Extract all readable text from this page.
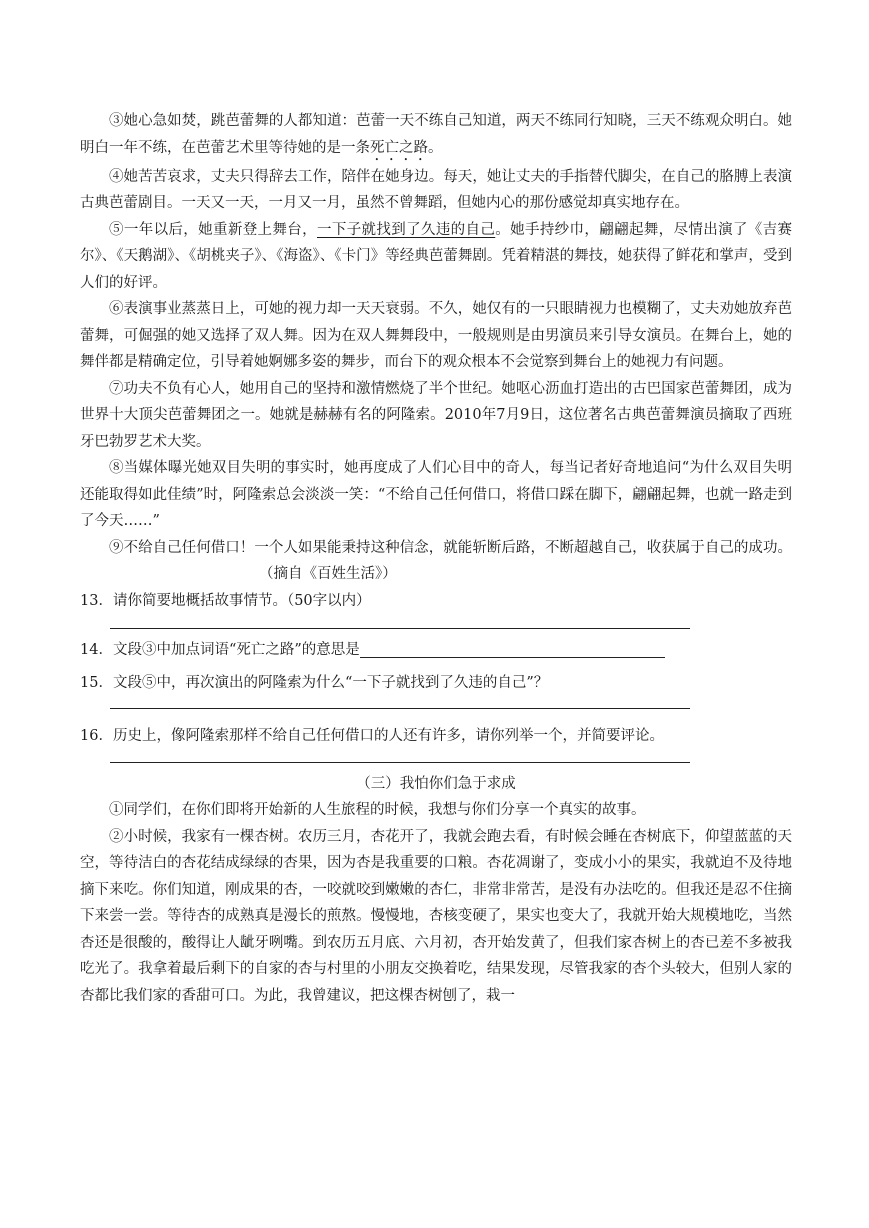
③她心急如焚，跳芭蕾舞的人都知道：芭蕾一天不练自己知道，两天不练同行知晓，三天不练观众明白。她明白一年不练，在芭蕾艺术里等待她的是一条死亡之路。

④她苦苦哀求，丈夫只得辞去工作，陪伴在她身边。每天，她让丈夫的手指替代脚尖，在自己的胳膊上表演古典芭蕾剧目。一天又一天，一月又一月，虽然不曾舞蹈，但她内心的那份感觉却真实地存在。

⑤一年以后，她重新登上舞台，一下子就找到了久违的自己。她手持纱巾，翩翩起舞，尽情出演了《吉赛尔》、《天鹅湖》、《胡桃夹子》、《海盗》、《卡门》等经典芭蕾舞剧。凭着精湛的舞技，她获得了鲜花和掌声，受到人们的好评。

⑥表演事业蒸蒸日上，可她的视力却一天天衰弱。不久，她仅有的一只眼睛视力也模糊了，丈夫劝她放弃芭蕾舞，可倔强的她又选择了双人舞。因为在双人舞舞段中，一般规则是由男演员来引导女演员。在舞台上，她的舞伴都是精确定位，引导着她婀娜多姿的舞步，而台下的观众根本不会觉察到舞台上的她视力有问题。

⑦功夫不负有心人，她用自己的坚持和激情燃烧了半个世纪。她呕心沥血打造出的古巴国家芭蕾舞团，成为世界十大顶尖芭蕾舞团之一。她就是赫赫有名的阿隆索。2010年7月9日，这位著名古典芭蕾舞演员摘取了西班牙巴勃罗艺术大奖。

⑧当媒体曝光她双目失明的事实时，她再度成了人们心目中的奇人，每当记者好奇地追问“为什么双目失明还能取得如此佳绩”时，阿隆索总会淡淡一笑：“不给自己任何借口，将借口踩在脚下，翩翩起舞，也就一路走到了今天……”

⑨不给自己任何借口！一个人如果能秉持这种信念，就能斩断后路，不断超越自己，收获属于自己的成功。（摘自《百姓生活》）

13．请你简要地概括故事情节。（50字以内）

14．文段③中加点词语“死亡之路”的意思是

15．文段⑤中，再次演出的阿隆索为什么“一下子就找到了久违的自己”？

16．历史上，像阿隆索那样不给自己任何借口的人还有许多，请你列举一个，并简要评论。

（三）我怕你们急于求成

①同学们，在你们即将开始新的人生旅程的时候，我想与你们分享一个真实的故事。

②小时候，我家有一棵杏树。农历三月，杏花开了，我就会跑去看，有时候会睡在杏树底下，仰望蓝蓝的天空，等待洁白的杏花结成绿绿的杏果，因为杏是我重要的口粮。杏花凋谢了，变成小小的果实，我就迫不及待地摘下来吃。你们知道，刚成果的杏，一咬就咬到嫩嫩的杏仁，非常非常苦，是没有办法吃的。但我还是忍不住摘下来尝一尝。等待杏的成熟真是漫长的煎熬。慢慢地，杏核变硬了，果实也变大了，我就开始大规模地吃，当然杏还是很酸的，酸得让人龇牙咧嘴。到农历五月底、六月初，杏开始发黄了，但我们家杏树上的杏已差不多被我吃光了。我拿着最后剩下的自家的杏与村里的小朋友交换着吃，结果发现，尽管我家的杏个头较大，但别人家的杏都比我们家的香甜可口。为此，我曾建议，把这棵杏树刨了，栽一
